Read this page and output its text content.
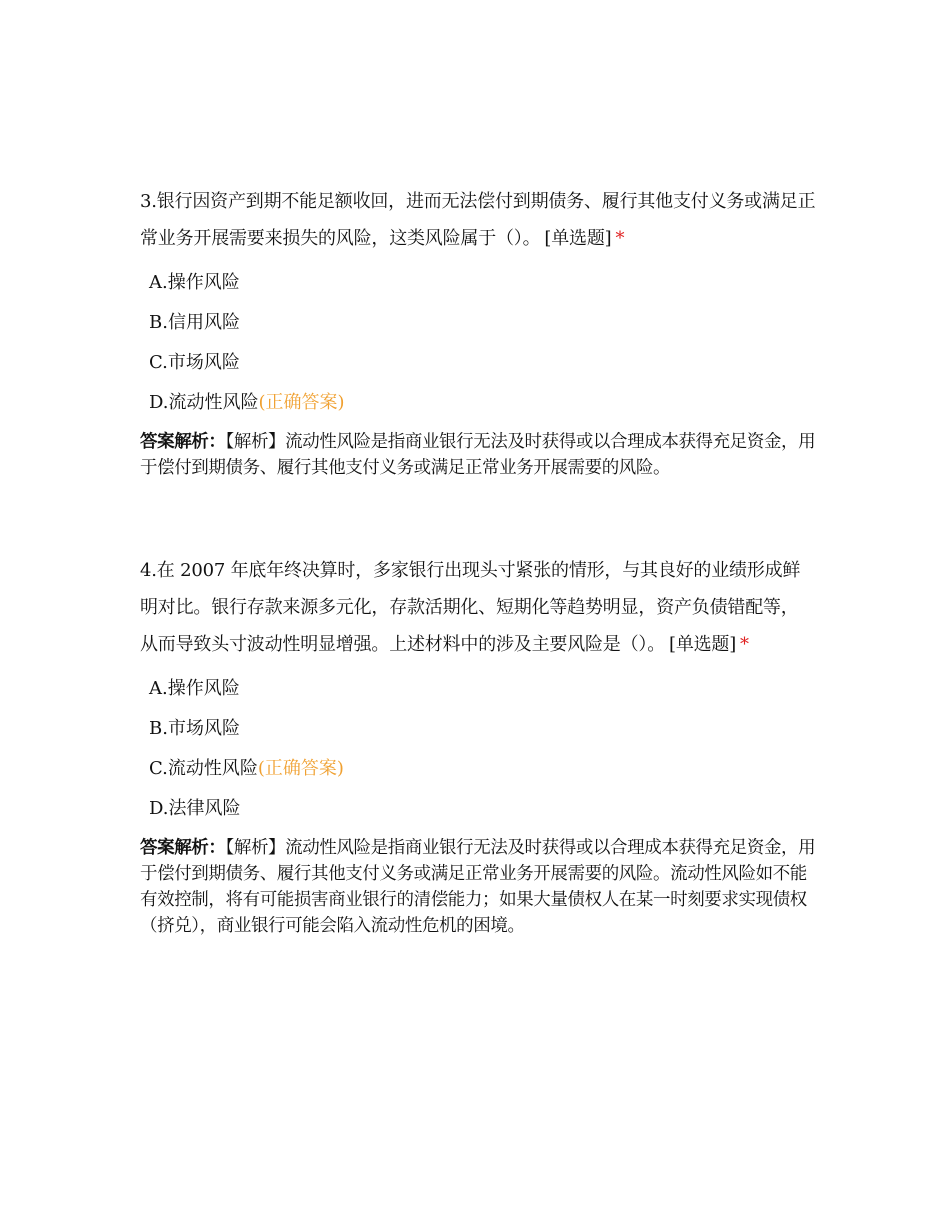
3.银行因资产到期不能足额收回，进而无法偿付到期债务、履行其他支付义务或满足正常业务开展需要来损失的风险，这类风险属于（）。 [单选题] *

A.操作风险
B.信用风险
C.市场风险
D.流动性风险(正确答案)
答案解析：【解析】流动性风险是指商业银行无法及时获得或以合理成本获得充足资金，用于偿付到期债务、履行其他支付义务或满足正常业务开展需要的风险。

4.在 2007 年底年终决算时，多家银行出现头寸紧张的情形，与其良好的业绩形成鲜明对比。银行存款来源多元化，存款活期化、短期化等趋势明显，资产负债错配等，从而导致头寸波动性明显增强。上述材料中的涉及主要风险是（）。 [单选题] *

A.操作风险
B.市场风险
C.流动性风险(正确答案)
D.法律风险
答案解析：【解析】流动性风险是指商业银行无法及时获得或以合理成本获得充足资金，用于偿付到期债务、履行其他支付义务或满足正常业务开展需要的风险。流动性风险如不能有效控制，将有可能损害商业银行的清偿能力；如果大量债权人在某一时刻要求实现债权（挤兑），商业银行可能会陷入流动性危机的困境。
